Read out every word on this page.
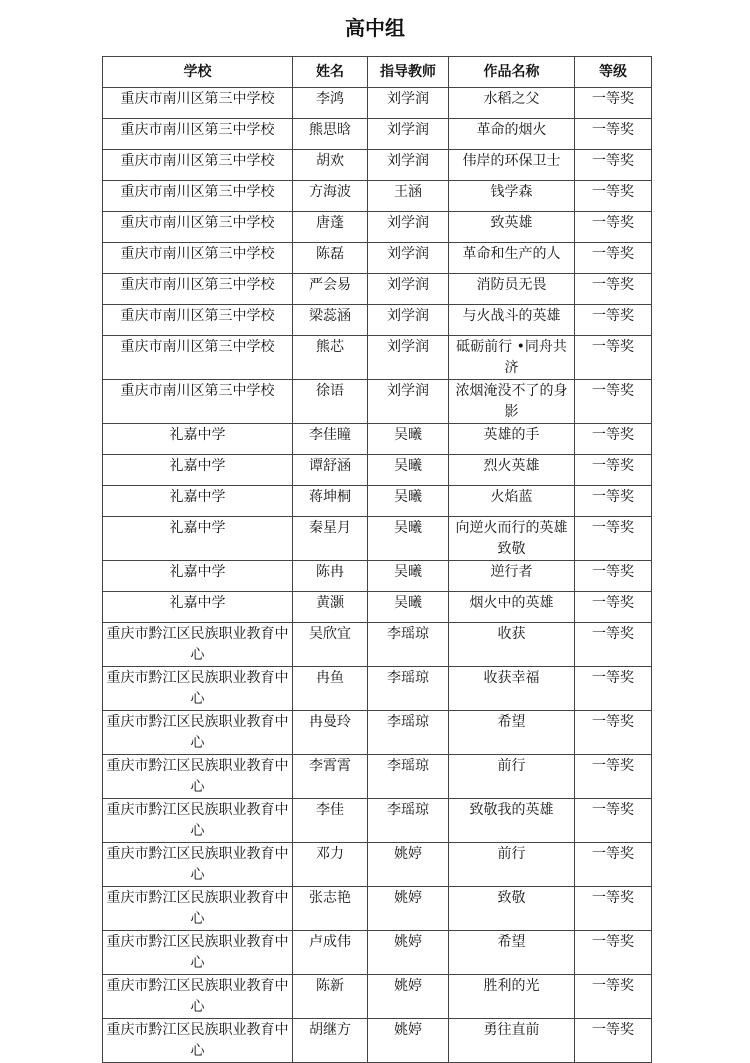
高中组
学校	姓名	指导教师	作品名称	等级
重庆市南川区第三中学校	李鸿	刘学润	水稻之父	一等奖
重庆市南川区第三中学校	熊思晗	刘学润	革命的烟火	一等奖
重庆市南川区第三中学校	胡欢	刘学润	伟岸的环保卫士	一等奖
重庆市南川区第三中学校	方海波	王涵	钱学森	一等奖
重庆市南川区第三中学校	唐蓬	刘学润	致英雄	一等奖
重庆市南川区第三中学校	陈磊	刘学润	革命和生产的人	一等奖
重庆市南川区第三中学校	严会易	刘学润	消防员无畏	一等奖
重庆市南川区第三中学校	梁蕊涵	刘学润	与火战斗的英雄	一等奖
重庆市南川区第三中学校	熊芯	刘学润	砥砺前行 •同舟共济	一等奖
重庆市南川区第三中学校	徐语	刘学润	浓烟淹没不了的身影	一等奖
礼嘉中学	李佳瞳	吴曦	英雄的手	一等奖
礼嘉中学	谭舒涵	吴曦	烈火英雄	一等奖
礼嘉中学	蒋坤桐	吴曦	火焰蓝	一等奖
礼嘉中学	秦星月	吴曦	向逆火而行的英雄致敬	一等奖
礼嘉中学	陈冉	吴曦	逆行者	一等奖
礼嘉中学	黄灏	吴曦	烟火中的英雄	一等奖
重庆市黔江区民族职业教育中心	吴欣宜	李瑶琼	收获	一等奖
重庆市黔江区民族职业教育中心	冉鱼	李瑶琼	收获幸福	一等奖
重庆市黔江区民族职业教育中心	冉曼玲	李瑶琼	希望	一等奖
重庆市黔江区民族职业教育中心	李霄霄	李瑶琼	前行	一等奖
重庆市黔江区民族职业教育中心	李佳	李瑶琼	致敬我的英雄	一等奖
重庆市黔江区民族职业教育中心	邓力	姚婷	前行	一等奖
重庆市黔江区民族职业教育中心	张志艳	姚婷	致敬	一等奖
重庆市黔江区民族职业教育中心	卢成伟	姚婷	希望	一等奖
重庆市黔江区民族职业教育中心	陈新	姚婷	胜利的光	一等奖
重庆市黔江区民族职业教育中心	胡继方	姚婷	勇往直前	一等奖
